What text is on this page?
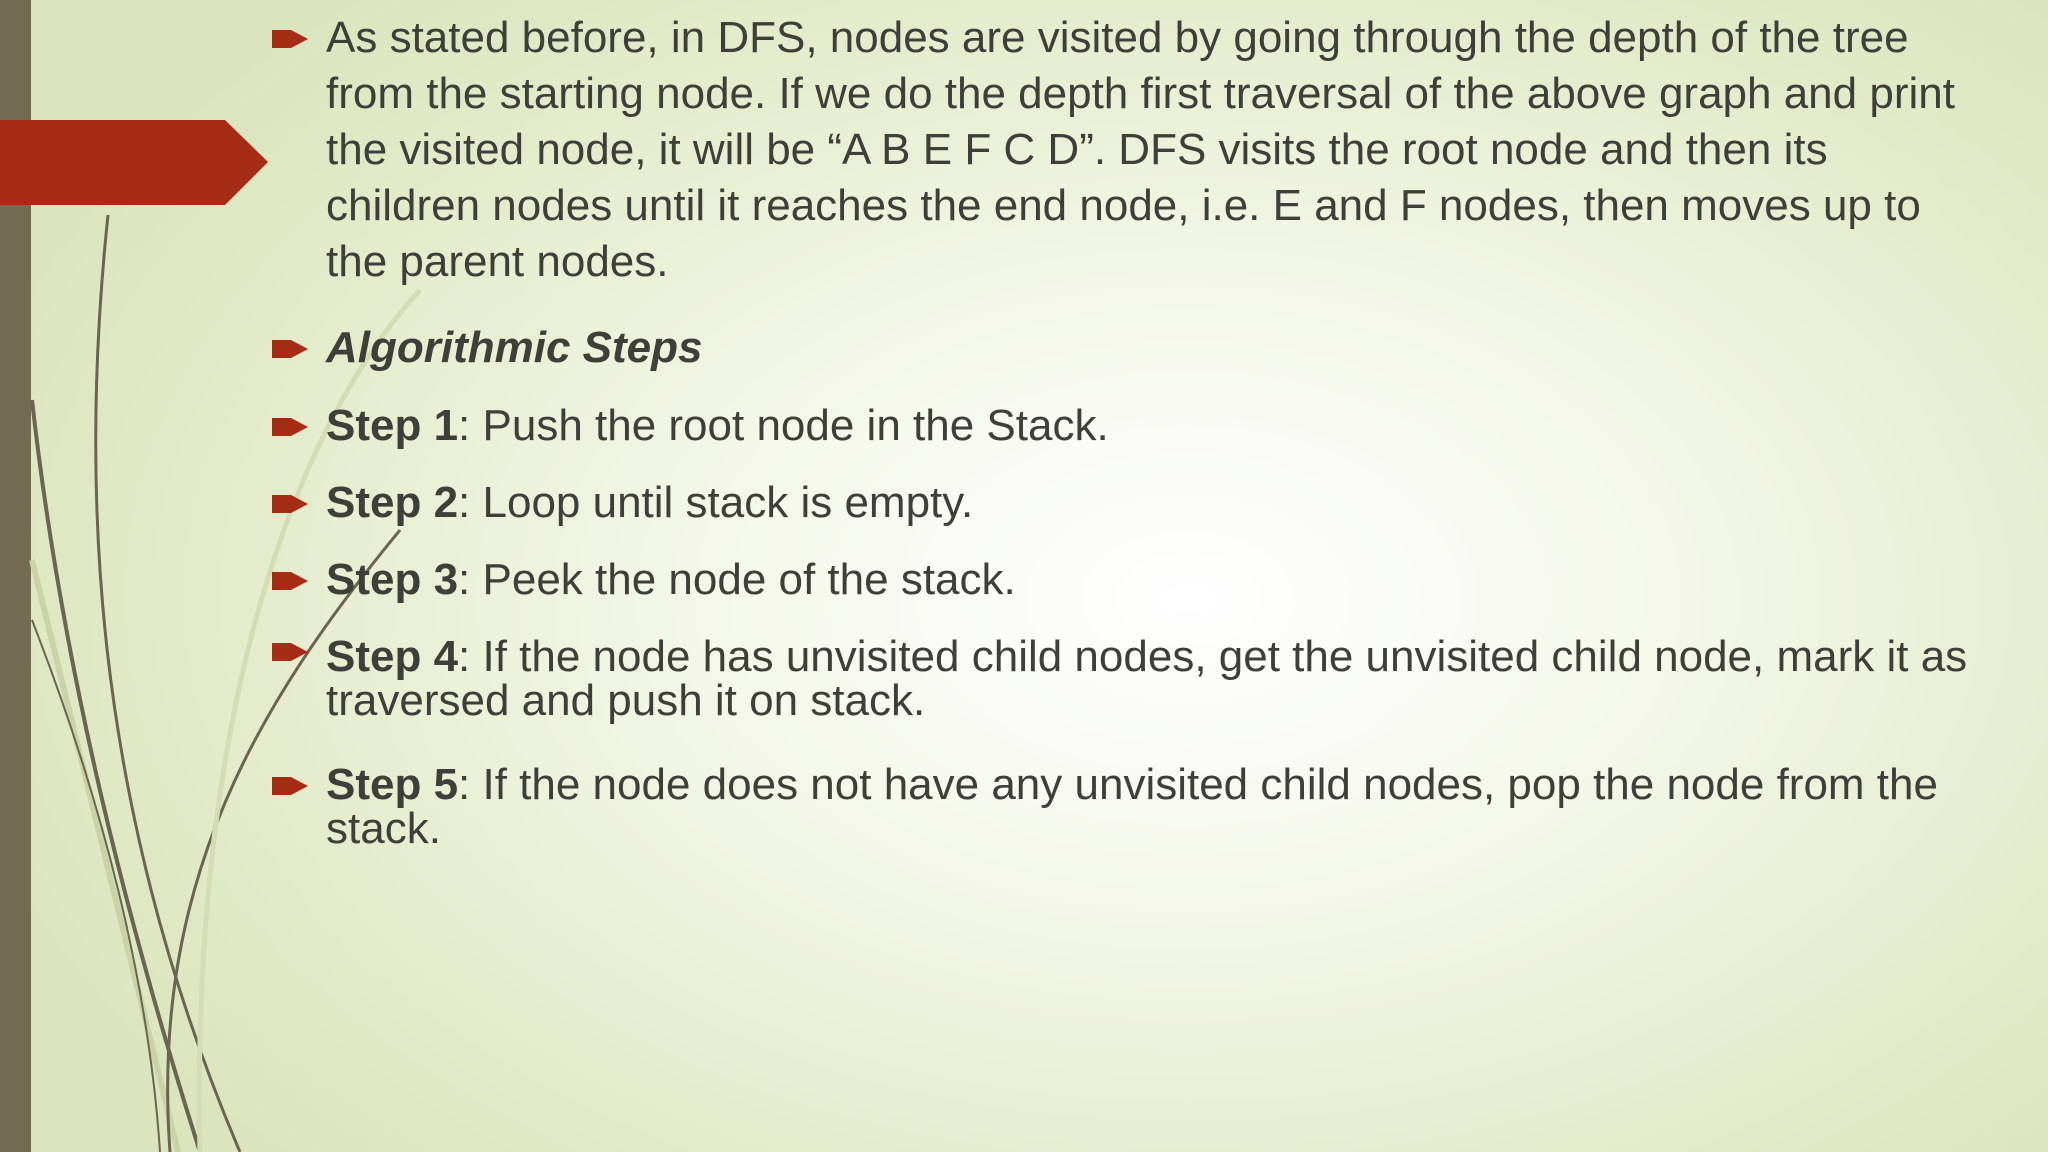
As stated before, in DFS, nodes are visited by going through the depth of the tree from the starting node. If we do the depth first traversal of the above graph and print the visited node, it will be “A B E F C D”. DFS visits the root node and then its children nodes until it reaches the end node, i.e. E and F nodes, then moves up to the parent nodes.
Algorithmic Steps
Step 1: Push the root node in the Stack.
Step 2: Loop until stack is empty.
Step 3: Peek the node of the stack.
Step 4: If the node has unvisited child nodes, get the unvisited child node, mark it as traversed and push it on stack.
Step 5: If the node does not have any unvisited child nodes, pop the node from the stack.
